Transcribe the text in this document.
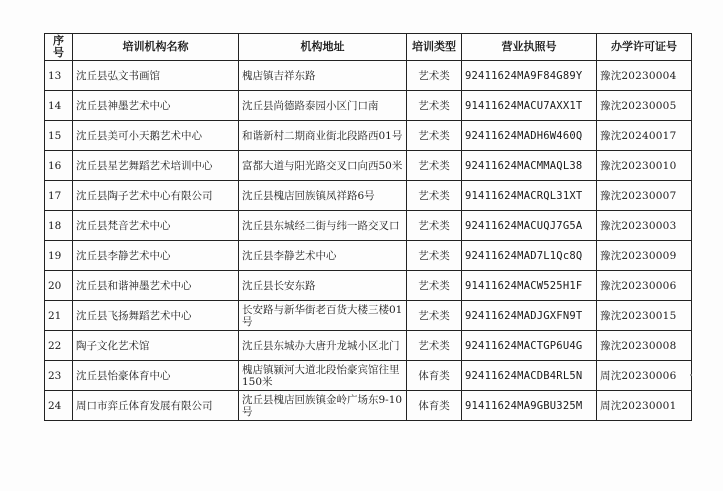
序号	培训机构名称	机构地址	培训类型	营业执照号	办学许可证号
13	沈丘县弘文书画馆	槐店镇吉祥东路	艺术类	92411624MA9F84G89Y	豫沈20230004
14	沈丘县神墨艺术中心	沈丘县尚德路泰园小区门口南	艺术类	91411624MACU7AXX1T	豫沈20230005
15	沈丘县美可小天鹅艺术中心	和谐新村二期商业街北段路西01号	艺术类	92411624MADH6W460Q	豫沈20240017
16	沈丘县星艺舞蹈艺术培训中心	富都大道与阳光路交叉口向西50米	艺术类	92411624MACMMAQL38	豫沈20230010
17	沈丘县陶子艺术中心有限公司	沈丘县槐店回族镇凤祥路6号	艺术类	91411624MACRQL31XT	豫沈20230007
18	沈丘县梵音艺术中心	沈丘县东城经二街与纬一路交叉口	艺术类	92411624MACUQJ7G5A	豫沈20230003
19	沈丘县李静艺术中心	沈丘县李静艺术中心	艺术类	92411624MAD7L1Qc8Q	豫沈20230009
20	沈丘县和谐神墨艺术中心	沈丘县长安东路	艺术类	91411624MACW525H1F	豫沈20230006
21	沈丘县飞扬舞蹈艺术中心	长安路与新华街老百货大楼三楼01号	艺术类	92411624MADJGXFN9T	豫沈20230015
22	陶子文化艺术馆	沈丘县东城办大唐升龙城小区北门	艺术类	92411624MACTGP6U4G	豫沈20230008
23	沈丘县怡豪体育中心	槐店镇颍河大道北段怡豪宾馆往里150米	体育类	92411624MACDB4RL5N	周沈20230006
24	周口市弈丘体育发展有限公司	沈丘县槐店回族镇金岭广场东9-10号	体育类	91411624MA9GBU325M	周沈20230001
